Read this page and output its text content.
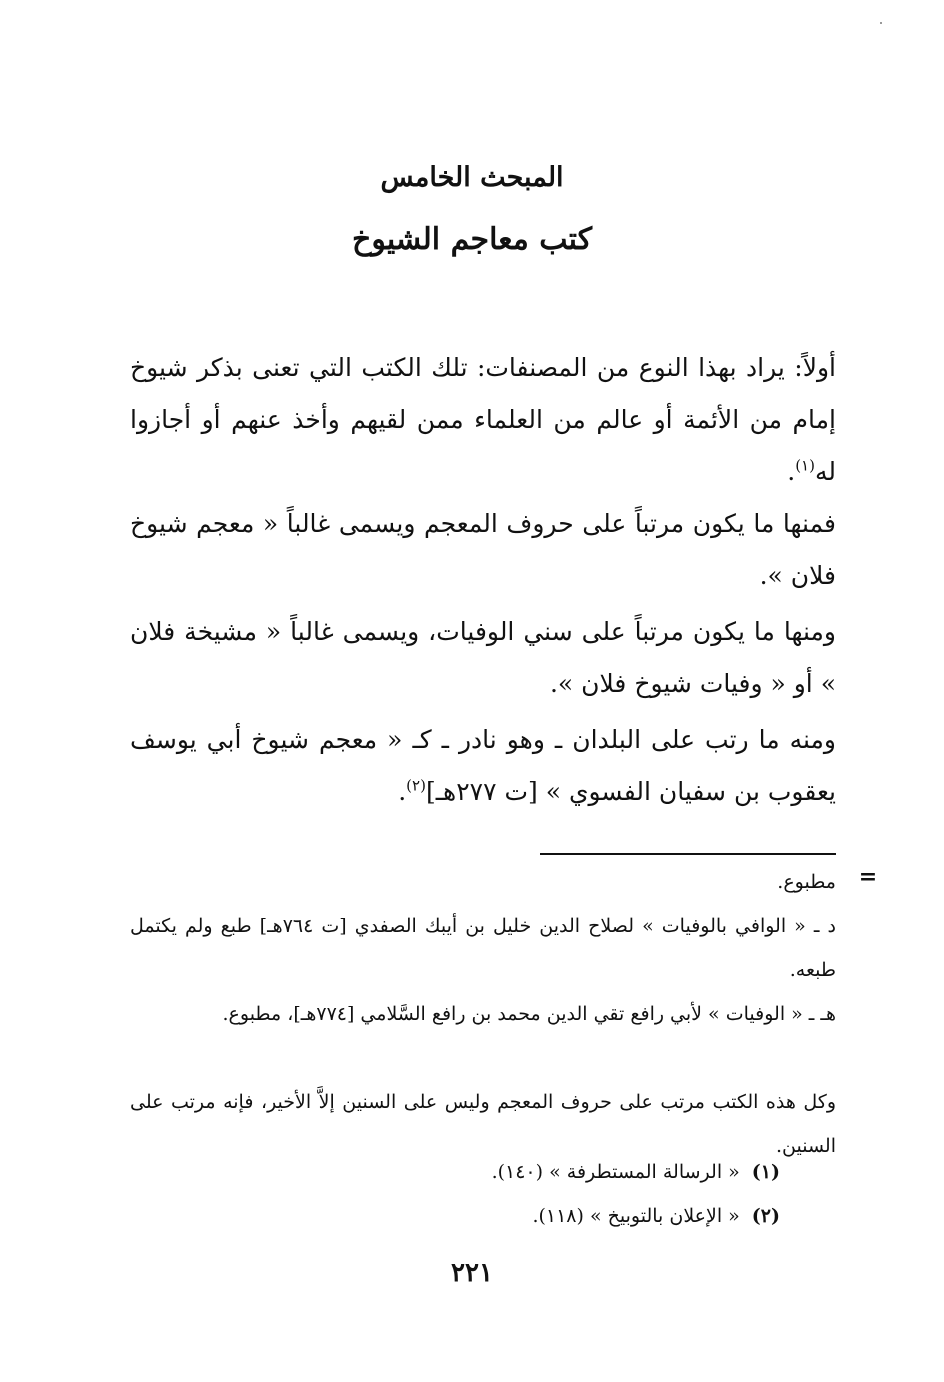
المبحث الخامس
كتب معاجم الشيوخ
أولاً: يراد بهذا النوع من المصنفات: تلك الكتب التي تعنى بذكر شيوخ إمام من الأئمة أو عالم من العلماء ممن لقيهم وأخذ عنهم أو أجازوا له$^{(١)}$.
فمنها ما يكون مرتباً على حروف المعجم ويسمى غالباً « معجم شيوخ فلان ».
ومنها ما يكون مرتباً على سني الوفيات، ويسمى غالباً « مشيخة فلان » أو « وفيات شيوخ فلان ».
ومنه ما رتب على البلدان ـ وهو نادر ـ كـ « معجم شيوخ أبي يوسف يعقوب بن سفيان الفسوي » [ت ٢٧٧هـ]$^{(٢)}$.
=
مطبوع.
د ـ « الوافي بالوفيات » لصلاح الدين خليل بن أيبك الصفدي [ت ٧٦٤هـ] طبع ولم يكتمل طبعه.
هـ ـ « الوفيات » لأبي رافع تقي الدين محمد بن رافع السَّلامي [٧٧٤هـ]، مطبوع.
وكل هذه الكتب مرتب على حروف المعجم وليس على السنين إلاَّ الأخير، فإنه مرتب على السنين.
(١)« الرسالة المستطرفة » (١٤٠).
(٢)« الإعلان بالتوبيخ » (١١٨).
٢٢١
